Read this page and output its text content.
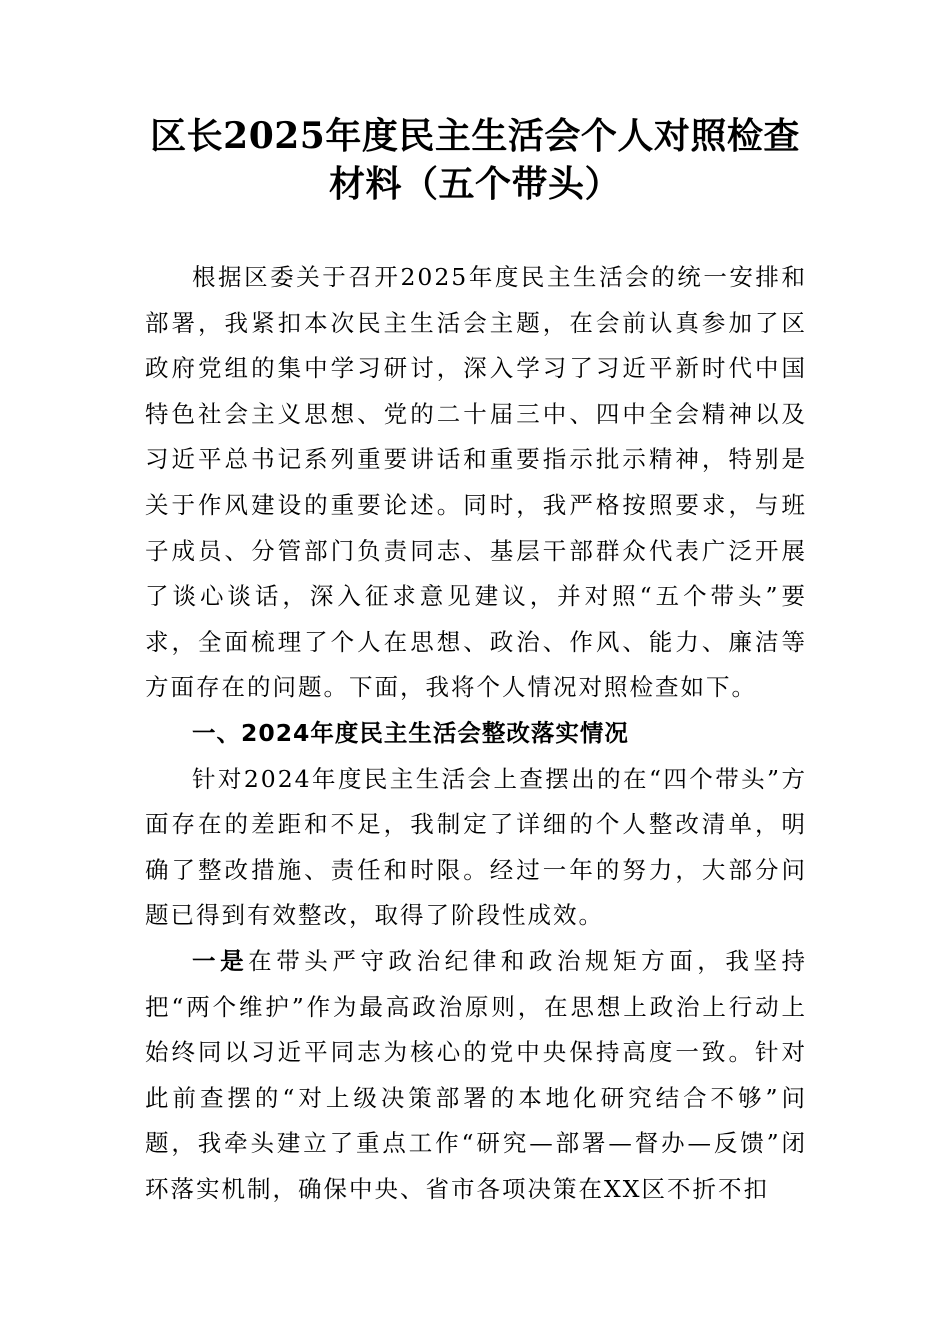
区长2025年度民主生活会个人对照检查材料（五个带头）

根据区委关于召开2025年度民主生活会的统一安排和部署，我紧扣本次民主生活会主题，在会前认真参加了区政府党组的集中学习研讨，深入学习了习近平新时代中国特色社会主义思想、党的二十届三中、四中全会精神以及习近平总书记系列重要讲话和重要指示批示精神，特别是关于作风建设的重要论述。同时，我严格按照要求，与班子成员、分管部门负责同志、基层干部群众代表广泛开展了谈心谈话，深入征求意见建议，并对照“五个带头”要求，全面梳理了个人在思想、政治、作风、能力、廉洁等方面存在的问题。下面，我将个人情况对照检查如下。

一、2024年度民主生活会整改落实情况

针对2024年度民主生活会上查摆出的在“四个带头”方面存在的差距和不足，我制定了详细的个人整改清单，明确了整改措施、责任和时限。经过一年的努力，大部分问题已得到有效整改，取得了阶段性成效。

一是在带头严守政治纪律和政治规矩方面，我坚持把“两个维护”作为最高政治原则，在思想上政治上行动上始终同以习近平同志为核心的党中央保持高度一致。针对此前查摆的“对上级决策部署的本地化研究结合不够”问题，我牵头建立了重点工作“研究—部署—督办—反馈”闭环落实机制，确保中央、省市各项决策在XX区不折不扣
